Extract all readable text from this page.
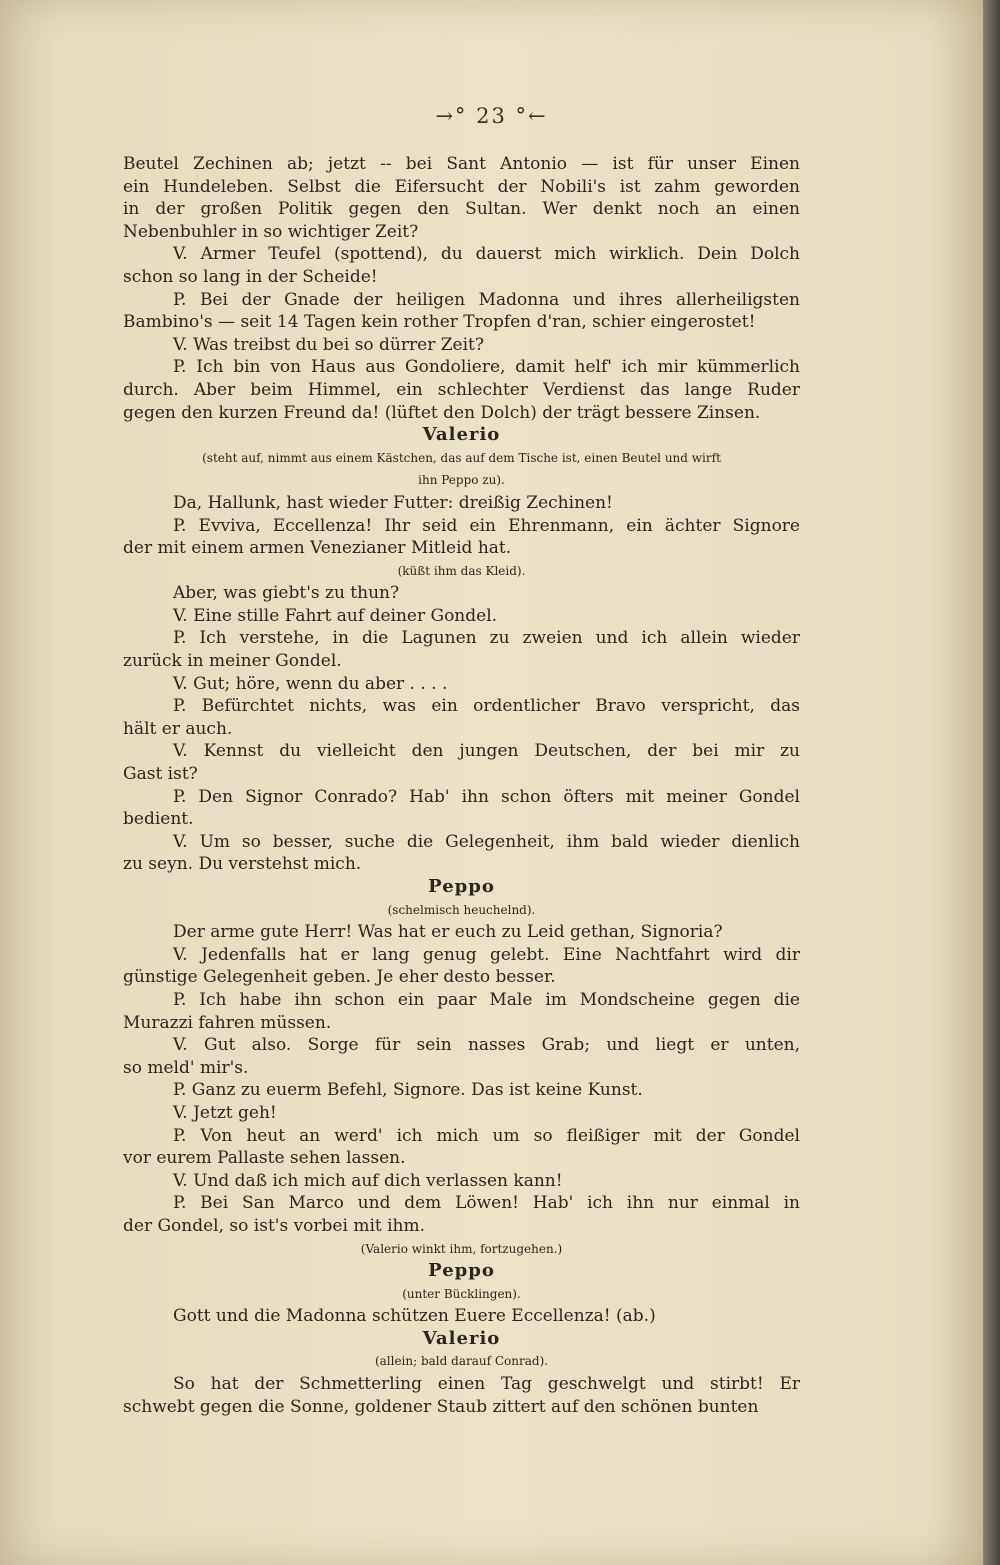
→° 23 °←
Beutel Zechinen ab; jetzt -- bei Sant Antonio — ist für unser Einen
ein Hundeleben. Selbst die Eifersucht der Nobili's ist zahm geworden
in der großen Politik gegen den Sultan. Wer denkt noch an einen
Nebenbuhler in so wichtiger Zeit?
V. Armer Teufel (spottend), du dauerst mich wirklich. Dein Dolch
schon so lang in der Scheide!
P. Bei der Gnade der heiligen Madonna und ihres allerheiligsten
Bambino's — seit 14 Tagen kein rother Tropfen d'ran, schier eingerostet!
V. Was treibst du bei so dürrer Zeit?
P. Ich bin von Haus aus Gondoliere, damit helf' ich mir kümmerlich
durch. Aber beim Himmel, ein schlechter Verdienst das lange Ruder
gegen den kurzen Freund da! (lüftet den Dolch) der trägt bessere Zinsen.
Valerio
(steht auf, nimmt aus einem Kästchen, das auf dem Tische ist, einen Beutel und wirft
ihn Peppo zu).
Da, Hallunk, hast wieder Futter: dreißig Zechinen!
P. Evviva, Eccellenza! Ihr seid ein Ehrenmann, ein ächter Signore
der mit einem armen Venezianer Mitleid hat.
(küßt ihm das Kleid).
Aber, was giebt's zu thun?
V. Eine stille Fahrt auf deiner Gondel.
P. Ich verstehe, in die Lagunen zu zweien und ich allein wieder
zurück in meiner Gondel.
V. Gut; höre, wenn du aber . . . .
P. Befürchtet nichts, was ein ordentlicher Bravo verspricht, das
hält er auch.
V. Kennst du vielleicht den jungen Deutschen, der bei mir zu
Gast ist?
P. Den Signor Conrado? Hab' ihn schon öfters mit meiner Gondel
bedient.
V. Um so besser, suche die Gelegenheit, ihm bald wieder dienlich
zu seyn. Du verstehst mich.
Peppo
(schelmisch heuchelnd).
Der arme gute Herr! Was hat er euch zu Leid gethan, Signoria?
V. Jedenfalls hat er lang genug gelebt. Eine Nachtfahrt wird dir
günstige Gelegenheit geben. Je eher desto besser.
P. Ich habe ihn schon ein paar Male im Mondscheine gegen die
Murazzi fahren müssen.
V. Gut also. Sorge für sein nasses Grab; und liegt er unten,
so meld' mir's.
P. Ganz zu euerm Befehl, Signore. Das ist keine Kunst.
V. Jetzt geh!
P. Von heut an werd' ich mich um so fleißiger mit der Gondel
vor eurem Pallaste sehen lassen.
V. Und daß ich mich auf dich verlassen kann!
P. Bei San Marco und dem Löwen! Hab' ich ihn nur einmal in
der Gondel, so ist's vorbei mit ihm.
(Valerio winkt ihm, fortzugehen.)
Peppo
(unter Bücklingen).
Gott und die Madonna schützen Euere Eccellenza! (ab.)
Valerio
(allein; bald darauf Conrad).
So hat der Schmetterling einen Tag geschwelgt und stirbt! Er
schwebt gegen die Sonne, goldener Staub zittert auf den schönen bunten
